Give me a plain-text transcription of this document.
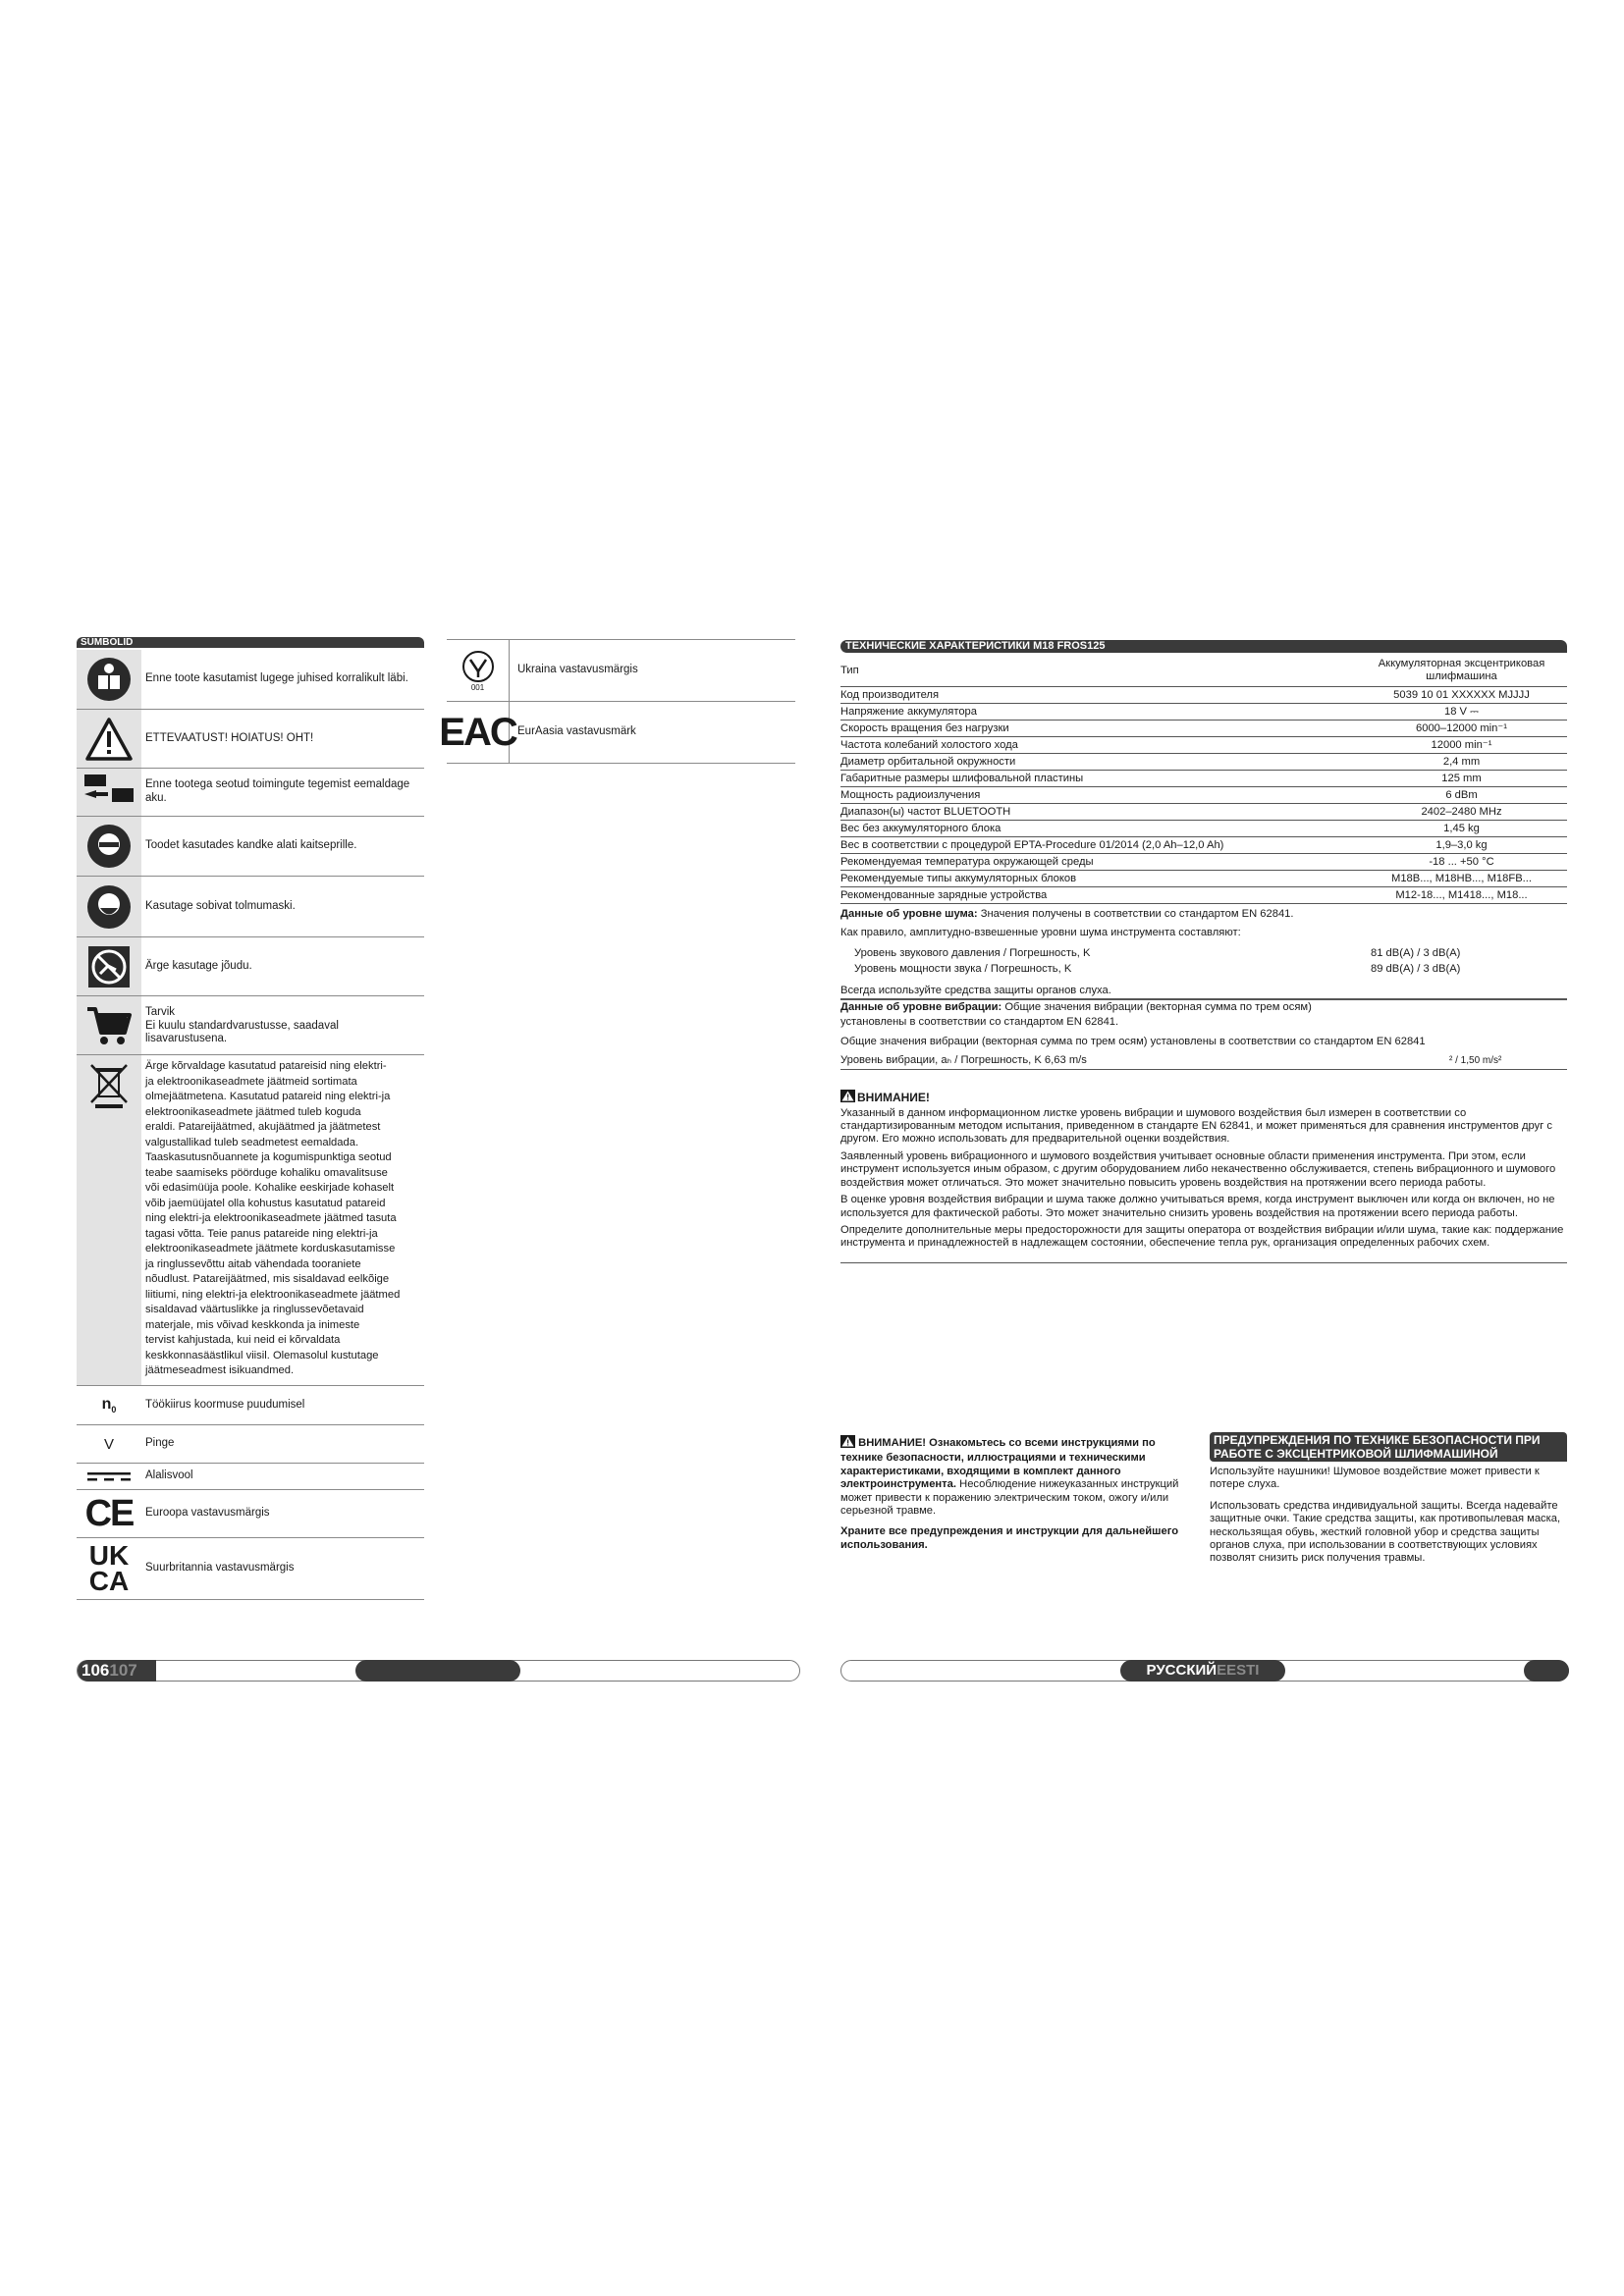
SÜMBOLID
Enne toote kasutamist lugege juhised korralikult läbi.
ETTEVAATUST! HOIATUS! OHT!
Enne tootega seotud toimingute tegemist eemaldage aku.
Toodet kasutades kandke alati kaitseprille.
Kasutage sobivat tolmumaski.
Ärge kasutage jõudu.
Tarvik
Ei kuulu standardvarustusse, saadaval
lisavarustusena.
Ärge kõrvaldage kasutatud patareisid ning elektri-
ja elektroonikaseadmete jäätmeid sortimata
olmejäätmetena. Kasutatud patareid ning elektri-ja
elektroonikaseadmete jäätmed tuleb koguda
eraldi. Patareijäätmed, akujäätmed ja jäätmetest
valgustallikad tuleb seadmetest eemaldada.
Taaskasutusnõuannete ja kogumispunktiga seotud
teabe saamiseks pöörduge kohaliku omavalitsuse
või edasimüüja poole. Kohalike eeskirjade kohaselt
võib jaemüüjatel olla kohustus kasutatud patareid
ning elektri-ja elektroonikaseadmete jäätmed tasuta
tagasi võtta. Teie panus patareide ning elektri-ja
elektroonikaseadmete jäätmete korduskasutamisse
ja ringlussevõttu aitab vähendada tooraniete
nõudlust. Patareijäätmed, mis sisaldavad eelkõige
liitiumi, ning elektri-ja elektroonikaseadmete jäätmed
sisaldavad väärtuslikke ja ringlussevõetavaid
materjale, mis võivad keskkonda ja inimeste
tervist kahjustada, kui neid ei kõrvaldata
keskkonnasäästlikul viisil. Olemasolul kustutage
jäätmeseadmest isikuandmed.
$n_0$	Töökiirus koormuse puudumisel
V	Pinge
Alalisvool
CE	Euroopa vastavusmärgis
UK
CA	Suurbritannia vastavusmärgis
001
Ukraina vastavusmärgis
EAC EurAasia vastavusmärk
106107
ТЕХНИЧЕСКИЕ ХАРАКТЕРИСТИКИ M18 FROS125
Тип
Аккумуляторная эксцентриковая
шлифмашина
Код производителя	5039 10 01 XXXXXX MJJJJ
Напряжение аккумулятора	18 V ⎓
Скорость вращения без нагрузки	6000–12000 min⁻¹
Частота колебаний холостого хода	12000 min⁻¹
Диаметр орбитальной окружности	2,4 mm
Габаритные размеры шлифовальной пластины	125 mm
Мощность радиоизлучения	6 dBm
Диапазон(ы) частот BLUETOOTH	2402–2480 MHz
Вес без аккумуляторного блока	1,45 kg
Вес в соответствии с процедурой EPTA-Procedure 01/2014 (2,0 Ah–12,0 Ah)	1,9–3,0 kg
Рекомендуемая температура окружающей среды	-18 ... +50 °C
Рекомендуемые типы аккумуляторных блоков	M18B..., M18HB..., M18FB...
Рекомендованные зарядные устройства	M12-18..., M1418..., M18...

Данные об уровне шума: Значения получены в соответствии со стандартом EN 62841.

Как правило, амплитудно-взвешенные уровни шума инструмента составляют:

Уровень звукового давления / Погрешность, K	81 dB(A) / 3 dB(A)
Уровень мощности звука / Погрешность, K	89 dB(A) / 3 dB(A)

Всегда используйте средства защиты органов слуха.

Данные об уровне вибрации: Общие значения вибрации (векторная сумма по трем осям)

установлены в соответствии со стандартом EN 62841.

Общие значения вибрации (векторная сумма по трем осям) установлены в соответствии со стандартом EN 62841

Уровень вибрации, aₕ / Погрешность, K 6,63 m/s	² / 1,50 m/s²
ВНИМАНИЕ!

Указанный в данном информационном листке уровень вибрации и шумового воздействия был измерен в соответствии со стандартизированным методом испытания, приведенном в стандарте EN 62841, и может применяться для сравнения инструментов друг с другом. Его можно использовать для предварительной оценки воздействия.

Заявленный уровень вибрационного и шумового воздействия учитывает основные области применения инструмента. При этом, если инструмент используется иным образом, с другим оборудованием либо некачественно обслуживается, степень вибрационного и шумового воздействия может отличаться. Это может значительно повысить уровень воздействия на протяжении всего периода работы.

В оценке уровня воздействия вибрации и шума также должно учитываться время, когда инструмент выключен или когда он включен, но не используется для фактической работы. Это может значительно снизить уровень воздействия на протяжении всего периода работы.

Определите дополнительные меры предосторожности для защиты оператора от воздействия вибрации и/или шума, такие как: поддержание инструмента и принадлежностей в надлежащем состоянии, обеспечение тепла рук, организация определенных рабочих схем.

ВНИМАНИЕ! Ознакомьтесь со всеми инструкциями по технике безопасности, иллюстрациями и техническими характеристиками, входящими в комплект данного электроинструмента. Несоблюдение нижеуказанных инструкций может привести к поражению электрическим током, ожогу и/или серьезной травме.

Храните все предупреждения и инструкции для дальнейшего использования.

ПРЕДУПРЕЖДЕНИЯ ПО ТЕХНИКЕ БЕЗОПАСНОСТИ ПРИ РАБОТЕ С ЭКСЦЕНТРИКОВОЙ ШЛИФМАШИНОЙ

Используйте наушники! Шумовое воздействие может привести к потере слуха.

Использовать средства индивидуальной защиты. Всегда надевайте защитные очки. Такие средства защиты, как противопылевая маска, нескользящая обувь, жесткий головной убор и средства защиты органов слуха, при использовании в соответствующих условиях позволят снизить риск получения травмы.

РУССКИЙEESTI
